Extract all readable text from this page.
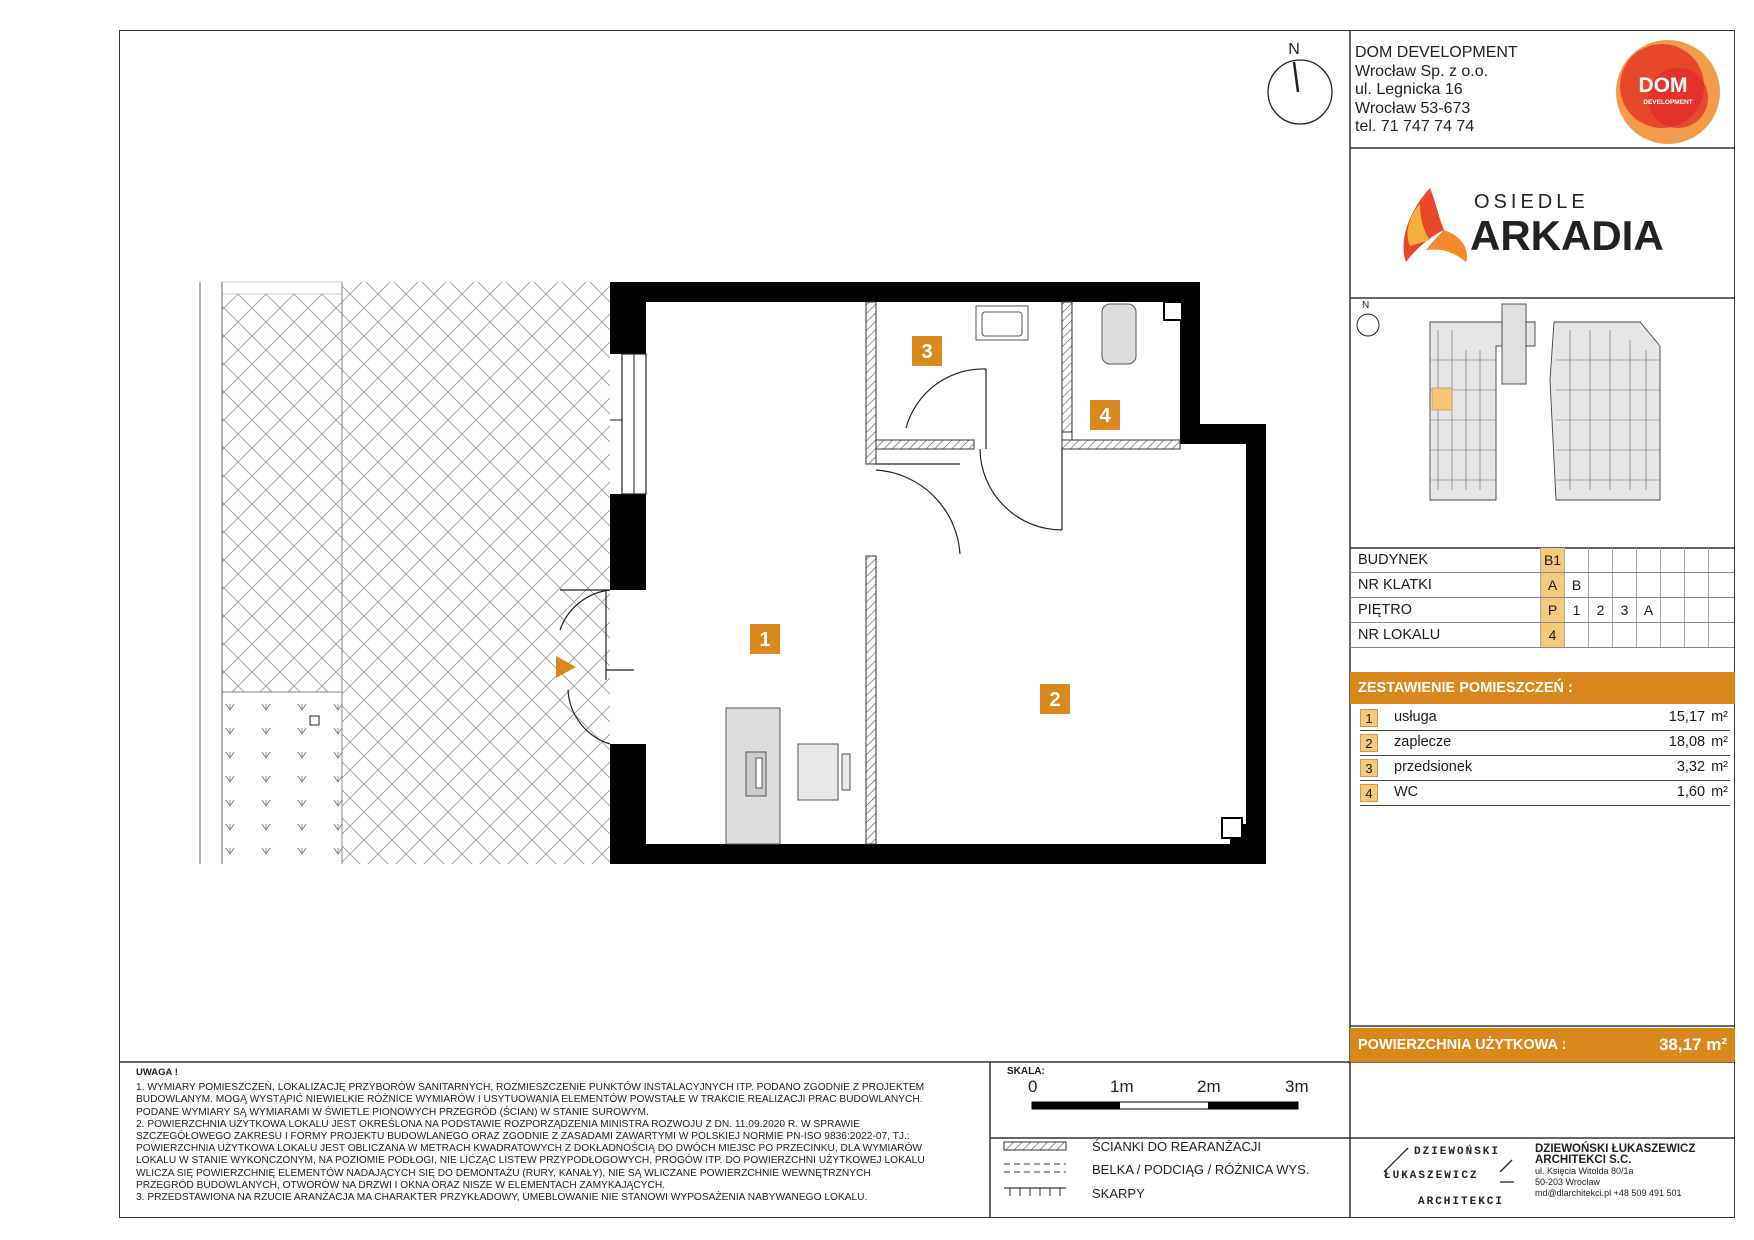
1
2
3
4
N
DOM
DEVELOPMENT
OSIEDLE
ARKADIA
N
DZIEWOŃSKI
ŁUKASZEWICZ
ARCHITEKCI
DOM DEVELOPMENT
Wrocław Sp. z o.o.
ul. Legnicka 16
Wrocław 53-673
tel. 71 747 74 74
BUDYNEK	B1
NR KLATKI	A	B
PIĘTRO	P	1	2	3	A
NR LOKALU	4
ZESTAWIENIE POMIESZCZEŃ :
1	usługa	15,17 m²
2	zaplecze	18,08 m²
3	przedsionek	3,32 m²
4	WC	1,60 m²
POWIERZCHNIA UŻYTKOWA :	38,17 m²
UWAGA !
1. WYMIARY POMIESZCZEŃ, LOKALIZACJĘ PRZYBORÓW SANITARNYCH, ROZMIESZCZENIE PUNKTÓW INSTALACYJNYCH ITP. PODANO ZGODNIE Z PROJEKTEM
BUDOWLANYM. MOGĄ WYSTĄPIĆ NIEWIELKIE RÓŻNICE WYMIARÓW I USYTUOWANIA ELEMENTÓW POWSTAŁE W TRAKCIE REALIZACJI PRAC BUDOWLANYCH.
PODANE WYMIARY SĄ WYMIARAMI W ŚWIETLE PIONOWYCH PRZEGRÓD (ŚCIAN) W STANIE SUROWYM.
2. POWIERZCHNIA UŻYTKOWA LOKALU JEST OKREŚLONA NA PODSTAWIE ROZPORZĄDZENIA MINISTRA ROZWOJU Z DN. 11.09.2020 R. W SPRAWIE
SZCZEGÓŁOWEGO ZAKRESU I FORMY PROJEKTU BUDOWLANEGO ORAZ ZGODNIE Z ZASADAMI ZAWARTYMI W POLSKIEJ NORMIE PN-ISO 9836:2022-07, TJ.:
POWIERZCHNIA UŻYTKOWA LOKALU JEST OBLICZANA W METRACH KWADRATOWYCH Z DOKŁADNOŚCIĄ DO DWÓCH MIEJSC PO PRZECINKU, DLA WYMIARÓW
LOKALU W STANIE WYKOŃCZONYM, NA POZIOMIE PODŁOGI, NIE LICZĄC LISTEW PRZYPODŁOGOWYCH, PROGÓW ITP. DO POWIERZCHNI UŻYTKOWEJ LOKALU
WLICZA SIĘ POWIERZCHNIĘ ELEMENTÓW NADAJĄCYCH SIĘ DO DEMONTAŻU (RURY, KANAŁY), NIE SĄ WLICZANE POWIERZCHNIE WEWNĘTRZNYCH
PRZEGRÓD BUDOWLANYCH, OTWORÓW NA DRZWI I OKNA ORAZ NISZE W ELEMENTACH ZAMYKAJĄCYCH.
3. PRZEDSTAWIONA NA RZUCIE ARANŻACJA MA CHARAKTER PRZYKŁADOWY, UMEBLOWANIE NIE STANOWI WYPOSAŻENIA NABYWANEGO LOKALU.
SKALA:
0	1m	2m	3m
ŚCIANKI DO REARANŻACJI
BELKA / PODCIĄG / RÓŻNICA WYS.
SKARPY
DZIEWOŃSKI ŁUKASZEWICZ
ARCHITEKCI S.C.
ul. Księcia Witolda 80/1a
50-203 Wrocław
md@dlarchitekci.pl +48 509 491 501
